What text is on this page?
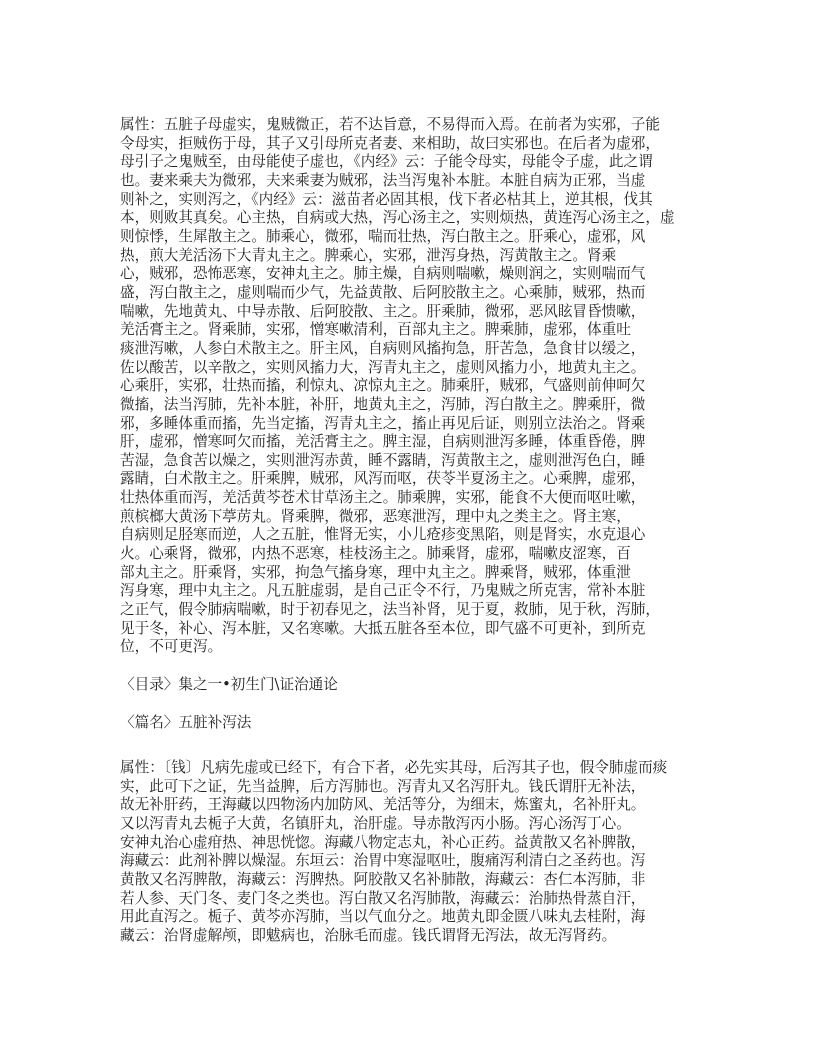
属性：五脏子母虚实，鬼贼微正，若不达旨意，不易得而入焉。在前者为实邪，子能
令母实，拒贼伤于母，其子又引母所克者妻、来相助，故曰实邪也。在后者为虚邪，
母引子之鬼贼至，由母能使子虚也，《内经》云：子能令母实，母能令子虚，此之谓
也。妻来乘夫为微邪，夫来乘妻为贼邪，法当泻鬼补本脏。本脏自病为正邪，当虚
则补之，实则泻之，《内经》云：滋苗者必固其根，伐下者必枯其上，逆其根，伐其
本，则败其真矣。心主热，自病或大热，泻心汤主之，实则烦热，黄连泻心汤主之，虚
则惊悸，生犀散主之。肺乘心，微邪，喘而壮热，泻白散主之。肝乘心，虚邪，风
热，煎大羌活汤下大青丸主之。脾乘心，实邪，泄泻身热，泻黄散主之。肾乘
心，贼邪，恐怖恶寒，安神丸主之。肺主燥，自病则喘嗽，燥则润之，实则喘而气
盛，泻白散主之，虚则喘而少气，先益黄散、后阿胶散主之。心乘肺，贼邪，热而
喘嗽，先地黄丸、中导赤散、后阿胶散、主之。肝乘肺，微邪，恶风眩冒昏愦嗽，
羌活膏主之。肾乘肺，实邪，憎寒嗽清利，百部丸主之。脾乘肺，虚邪，体重吐
痰泄泻嗽，人参白术散主之。肝主风，自病则风搐拘急，肝苦急，急食甘以缓之，
佐以酸苦，以辛散之，实则风搐力大，泻青丸主之，虚则风搐力小，地黄丸主之。
心乘肝，实邪，壮热而搐，利惊丸、凉惊丸主之。肺乘肝，贼邪，气盛则前伸呵欠
微搐，法当泻肺，先补本脏，补肝，地黄丸主之，泻肺，泻白散主之。脾乘肝，微
邪，多睡体重而搐，先当定搐，泻青丸主之，搐止再见后证，则别立法治之。肾乘
肝，虚邪，憎寒呵欠而搐，羌活膏主之。脾主湿，自病则泄泻多睡，体重昏倦，脾
苦湿，急食苦以燥之，实则泄泻赤黄，睡不露睛，泻黄散主之，虚则泄泻色白，睡
露睛，白术散主之。肝乘脾，贼邪，风泻而呕，茯苓半夏汤主之。心乘脾，虚邪，
壮热体重而泻，羌活黄芩苍术甘草汤主之。肺乘脾，实邪，能食不大便而呕吐嗽，
煎槟榔大黄汤下葶苈丸。肾乘脾，微邪，恶寒泄泻，理中丸之类主之。肾主寒，
自病则足胫寒而逆，人之五脏，惟肾无实，小儿疮疹变黑陷，则是肾实，水克退心
火。心乘肾，微邪，内热不恶寒，桂枝汤主之。肺乘肾，虚邪，喘嗽皮涩寒，百
部丸主之。肝乘肾，实邪，拘急气搐身寒，理中丸主之。脾乘肾，贼邪，体重泄
泻身寒，理中丸主之。凡五脏虚弱，是自己正令不行，乃鬼贼之所克害，常补本脏
之正气，假令肺病喘嗽，时于初春见之，法当补肾，见于夏，救肺，见于秋，泻肺，
见于冬，补心、泻本脏，又名寒嗽。大抵五脏各至本位，即气盛不可更补，到所克
位，不可更泻。
〈目录〉集之一•初生门\证治通论
〈篇名〉五脏补泻法
属性：〔钱〕凡病先虚或已经下，有合下者，必先实其母，后泻其子也，假令肺虚而痰
实，此可下之证，先当益脾，后方泻肺也。泻青丸又名泻肝丸。钱氏谓肝无补法，
故无补肝药，王海藏以四物汤内加防风、羌活等分，为细末，炼蜜丸，名补肝丸。
又以泻青丸去栀子大黄，名镇肝丸，治肝虚。导赤散泻丙小肠。泻心汤泻丁心。
安神丸治心虚疳热、神思恍惚。海藏八物定志丸，补心正药。益黄散又名补脾散，
海藏云：此剂补脾以燥湿。东垣云：治胃中寒湿呕吐，腹痛泻利清白之圣药也。泻
黄散又名泻脾散，海藏云：泻脾热。阿胶散又名补肺散，海藏云：杏仁本泻肺，非
若人参、天门冬、麦门冬之类也。泻白散又名泻肺散，海藏云：治肺热骨蒸自汗，
用此直泻之。栀子、黄芩亦泻肺，当以气血分之。地黄丸即金匮八味丸去桂附，海
藏云：治肾虚解颅，即魃病也，治脉毛而虚。钱氏谓肾无泻法，故无泻肾药。
